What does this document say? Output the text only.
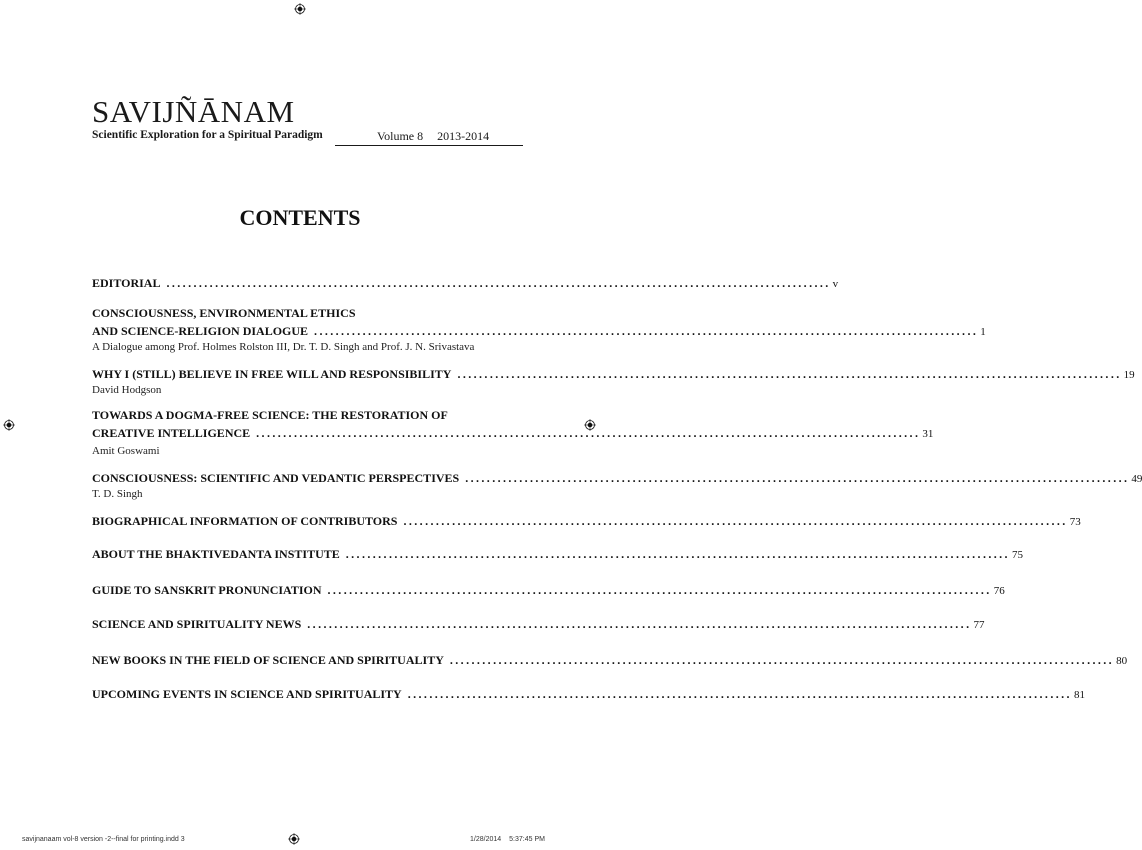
SAVIJÑĀNAM
Scientific Exploration for a Spiritual Paradigm	Volume 8 2013-2014
CONTENTS
EDITORIAL ........................................................................................................................... v
CONSCIOUSNESS, ENVIRONMENTAL ETHICS
AND SCIENCE-RELIGION DIALOGUE ........................................................................................................................... 1
A Dialogue among Prof. Holmes Rolston III, Dr. T. D. Singh and Prof. J. N. Srivastava
WHY I (STILL) BELIEVE IN FREE WILL AND RESPONSIBILITY ........................................................................................................................... 19
David Hodgson
TOWARDS A DOGMA-FREE SCIENCE: THE RESTORATION OF
CREATIVE INTELLIGENCE ........................................................................................................................... 31
Amit Goswami
CONSCIOUSNESS: SCIENTIFIC AND VEDANTIC PERSPECTIVES ........................................................................................................................... 49
T. D. Singh
BIOGRAPHICAL INFORMATION OF CONTRIBUTORS ........................................................................................................................... 73
ABOUT THE BHAKTIVEDANTA INSTITUTE ........................................................................................................................... 75
GUIDE TO SANSKRIT PRONUNCIATION ........................................................................................................................... 76
SCIENCE AND SPIRITUALITY NEWS ........................................................................................................................... 77
NEW BOOKS IN THE FIELD OF SCIENCE AND SPIRITUALITY ........................................................................................................................... 80
UPCOMING EVENTS IN SCIENCE AND SPIRITUALITY ........................................................................................................................... 81
savijnanaam vol-8 version -2--final for printing.indd 3	1/28/2014 5:37:45 PM
